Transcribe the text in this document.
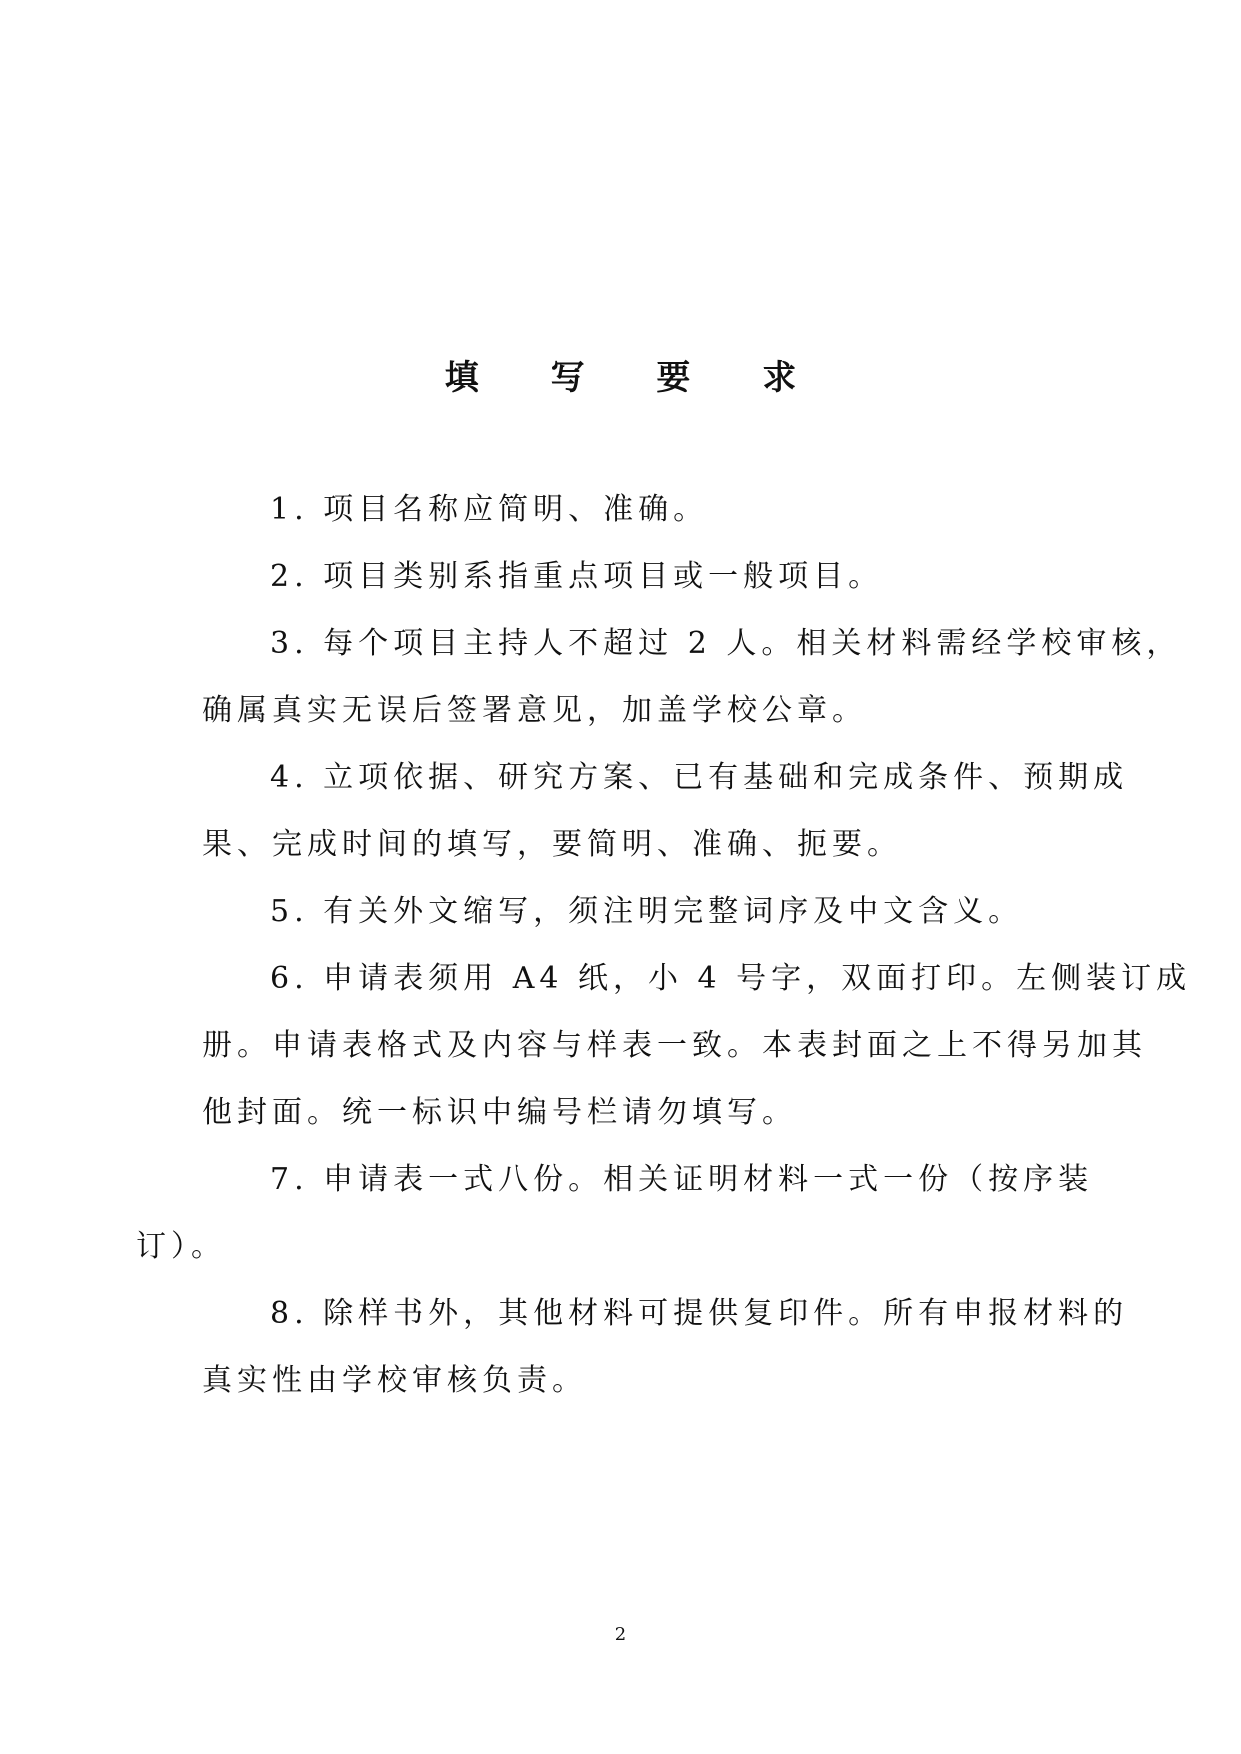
填 写 要 求
1. 项目名称应简明、准确。
2. 项目类别系指重点项目或一般项目。
3. 每个项目主持人不超过 2 人。相关材料需经学校审核，
确属真实无误后签署意见，加盖学校公章。
4. 立项依据、研究方案、已有基础和完成条件、预期成
果、完成时间的填写，要简明、准确、扼要。
5. 有关外文缩写，须注明完整词序及中文含义。
6. 申请表须用 A4 纸，小 4 号字，双面打印。左侧装订成
册。申请表格式及内容与样表一致。本表封面之上不得另加其
他封面。统一标识中编号栏请勿填写。
7. 申请表一式八份。相关证明材料一式一份（按序装
订）。
8. 除样书外，其他材料可提供复印件。所有申报材料的
真实性由学校审核负责。
2
